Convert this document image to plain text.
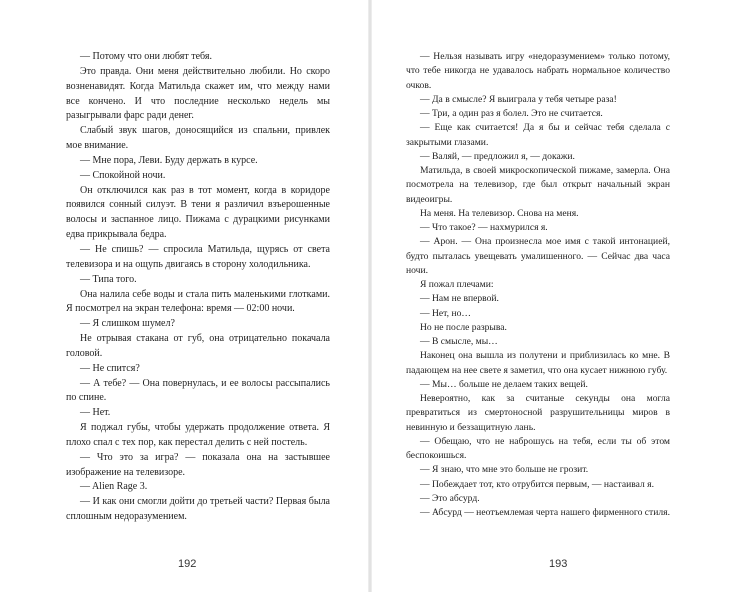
— Потому что они любят тебя.

Это правда. Они меня действительно любили. Но скоро возненавидят. Когда Матильда скажет им, что между нами все кончено. И что последние несколько недель мы разыгрывали фарс ради денег.

Слабый звук шагов, доносящийся из спальни, привлек мое внимание.

— Мне пора, Леви. Буду держать в курсе.

— Спокойной ночи.

Он отключился как раз в тот момент, когда в коридоре появился сонный силуэт. В тени я различил взъерошенные волосы и заспанное лицо. Пижама с дурацкими рисунками едва прикрывала бедра.

— Не спишь? — спросила Матильда, щурясь от света телевизора и на ощупь двигаясь в сторону холодильника.

— Типа того.

Она налила себе воды и стала пить маленькими глотками. Я посмотрел на экран телефона: время — 02:00 ночи.

— Я слишком шумел?

Не отрывая стакана от губ, она отрицательно покачала головой.

— Не спится?

— А тебе? — Она повернулась, и ее волосы рассыпались по спине.

— Нет.

Я поджал губы, чтобы удержать продолжение ответа. Я плохо спал с тех пор, как перестал делить с ней постель.

— Что это за игра? — показала она на застывшее изображение на телевизоре.

— Alien Rage 3.

— И как они смогли дойти до третьей части? Первая была сплошным недоразумением.

— Нельзя называть игру «недоразумением» только потому, что тебе никогда не удавалось набрать нормальное количество очков.

— Да в смысле? Я выиграла у тебя четыре раза!

— Три, а один раз я болел. Это не считается.

— Еще как считается! Да я бы и сейчас тебя сделала с закрытыми глазами.

— Валяй, — предложил я, — докажи.

Матильда, в своей микроскопической пижаме, замерла. Она посмотрела на телевизор, где был открыт начальный экран видеоигры.

На меня. На телевизор. Снова на меня.

— Что такое? — нахмурился я.

— Арон. — Она произнесла мое имя с такой интонацией, будто пыталась увещевать умалишенного. — Сейчас два часа ночи.

Я пожал плечами:

— Нам не впервой.

— Нет, но…

Но не после разрыва.

— В смысле, мы…

Наконец она вышла из полутени и приблизилась ко мне. В падающем на нее свете я заметил, что она кусает нижнюю губу.

— Мы… больше не делаем таких вещей.

Невероятно, как за считаные секунды она могла превратиться из смертоносной разрушительницы миров в невинную и беззащитную лань.

— Обещаю, что не наброшусь на тебя, если ты об этом беспокоишься.

— Я знаю, что мне это больше не грозит.

— Побеждает тот, кто отрубится первым, — настаивал я.

— Это абсурд.

— Абсурд — неотъемлемая черта нашего фирменного стиля.

192	193
